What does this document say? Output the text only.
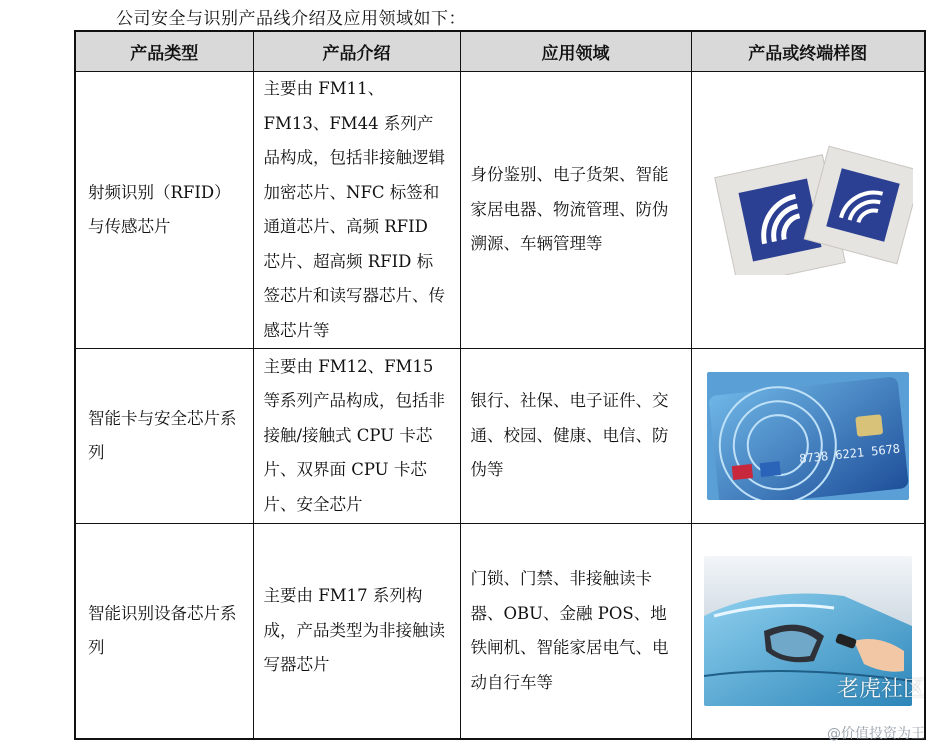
公司安全与识别产品线介绍及应用领域如下：
产品类型	产品介绍	应用领域	产品或终端样图
射频识别（RFID）与传感芯片	主要由 FM11、FM13、FM44 系列产品构成，包括非接触逻辑加密芯片、NFC 标签和通道芯片、高频 RFID 芯片、超高频 RFID 标签芯片和读写器芯片、传感芯片等	身份鉴别、电子货架、智能家居电器、物流管理、防伪溯源、车辆管理等	

智能卡与安全芯片系列	主要由 FM12、FM15 等系列产品构成，包括非接触/接触式 CPU 卡芯片、双界面 CPU 卡芯片、安全芯片	银行、社保、电子证件、交通、校园、健康、电信、防伪等	8738 6221 5678

智能识别设备芯片系列	主要由 FM17 系列构成，产品类型为非接触读写器芯片	门锁、门禁、非接触读卡器、OBU、金融 POS、地铁闸机、智能家居电气、电动自行车等		老虎社区
@价值投资为王
